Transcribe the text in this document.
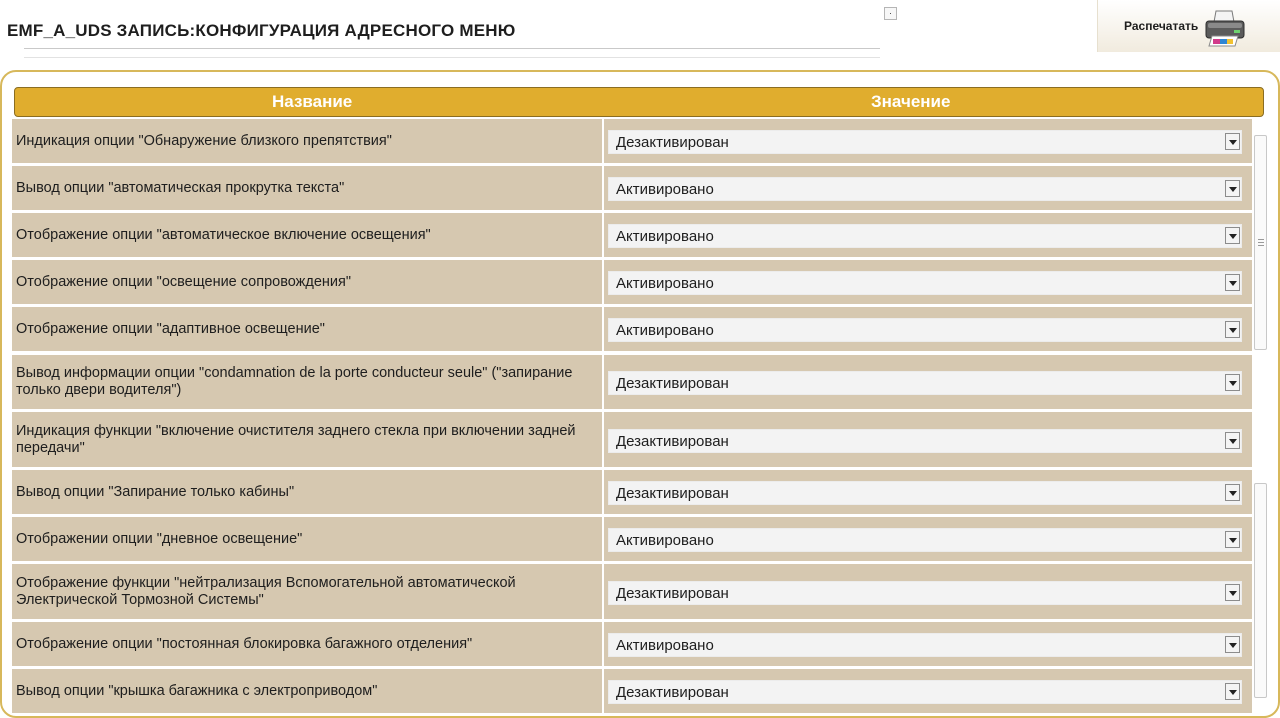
EMF_A_UDS ЗАПИСЬ:КОНФИГУРАЦИЯ АДРЕСНОГО МЕНЮ
·
Распечатать
Название	Значение
Индикация опции "Обнаружение близкого препятствия"	Дезактивирован
Вывод опции "автоматическая прокрутка текста"	Активировано
Отображение опции "автоматическое включение освещения"	Активировано
Отображение опции "освещение сопровождения"	Активировано
Отображение опции "адаптивное освещение"	Активировано
Вывод информации опции "condamnation de la porte conducteur seule" ("запирание только двери водителя")	Дезактивирован
Индикация функции "включение очистителя заднего стекла при включении задней передачи"	Дезактивирован
Вывод опции "Запирание только кабины"	Дезактивирован
Отображении опции "дневное освещение"	Активировано
Отображение функции "нейтрализация Вспомогательной автоматической Электрической Тормозной Системы"	Дезактивирован
Отображение опции "постоянная блокировка багажного отделения"	Активировано
Вывод опции "крышка багажника с электроприводом"	Дезактивирован
